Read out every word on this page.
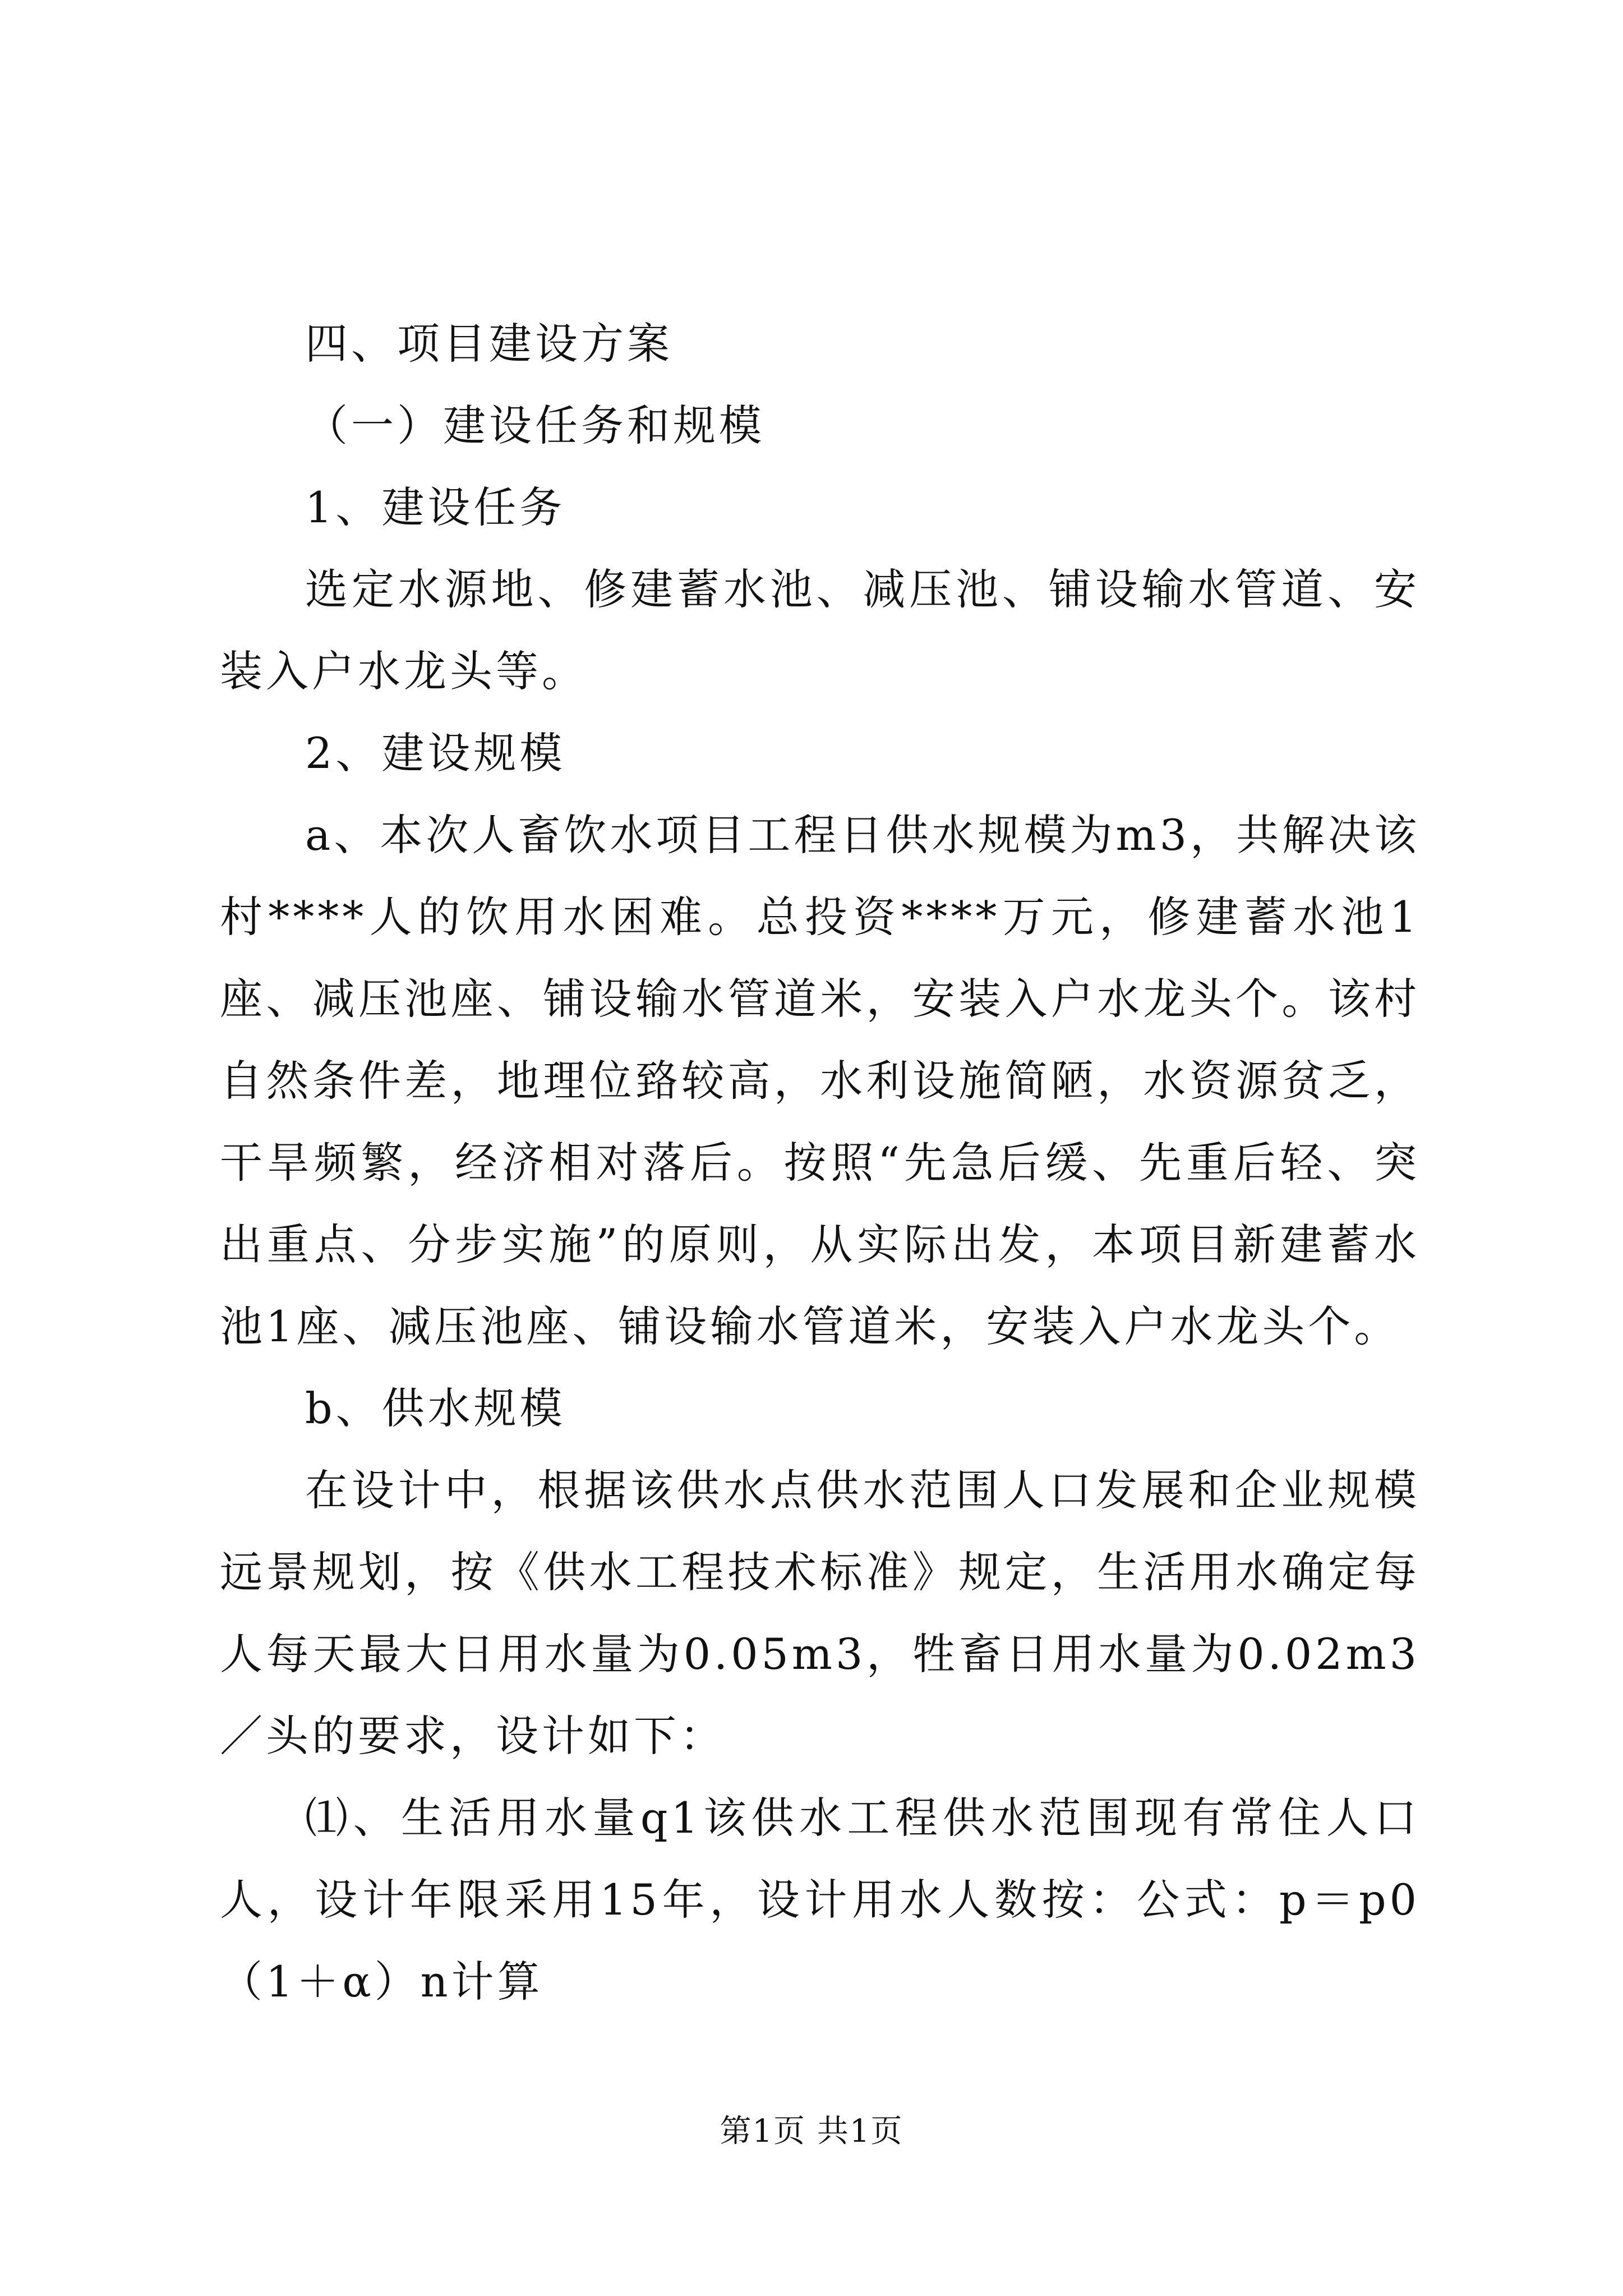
四、项目建设方案

（一）建设任务和规模

1、建设任务

选定水源地、修建蓄水池、减压池、铺设输水管道、安装入户水龙头等。

2、建设规模

a、本次人畜饮水项目工程日供水规模为m3，共解决该村****人的饮用水困难。总投资****万元，修建蓄水池1座、减压池座、铺设输水管道米，安装入户水龙头个。该村自然条件差，地理位臵较高，水利设施简陋，水资源贫乏，干旱频繁，经济相对落后。按照“先急后缓、先重后轻、突出重点、分步实施”的原则，从实际出发，本项目新建蓄水池1座、减压池座、铺设输水管道米，安装入户水龙头个。

b、供水规模

在设计中，根据该供水点供水范围人口发展和企业规模远景规划，按《供水工程技术标准》规定，生活用水确定每人每天最大日用水量为0.05m3，牲畜日用水量为0.02m3／头的要求，设计如下：

⑴、生活用水量q1该供水工程供水范围现有常住人口人，设计年限采用15年，设计用水人数按：公式：p＝p0（1＋α）n计算

第1页 共1页
